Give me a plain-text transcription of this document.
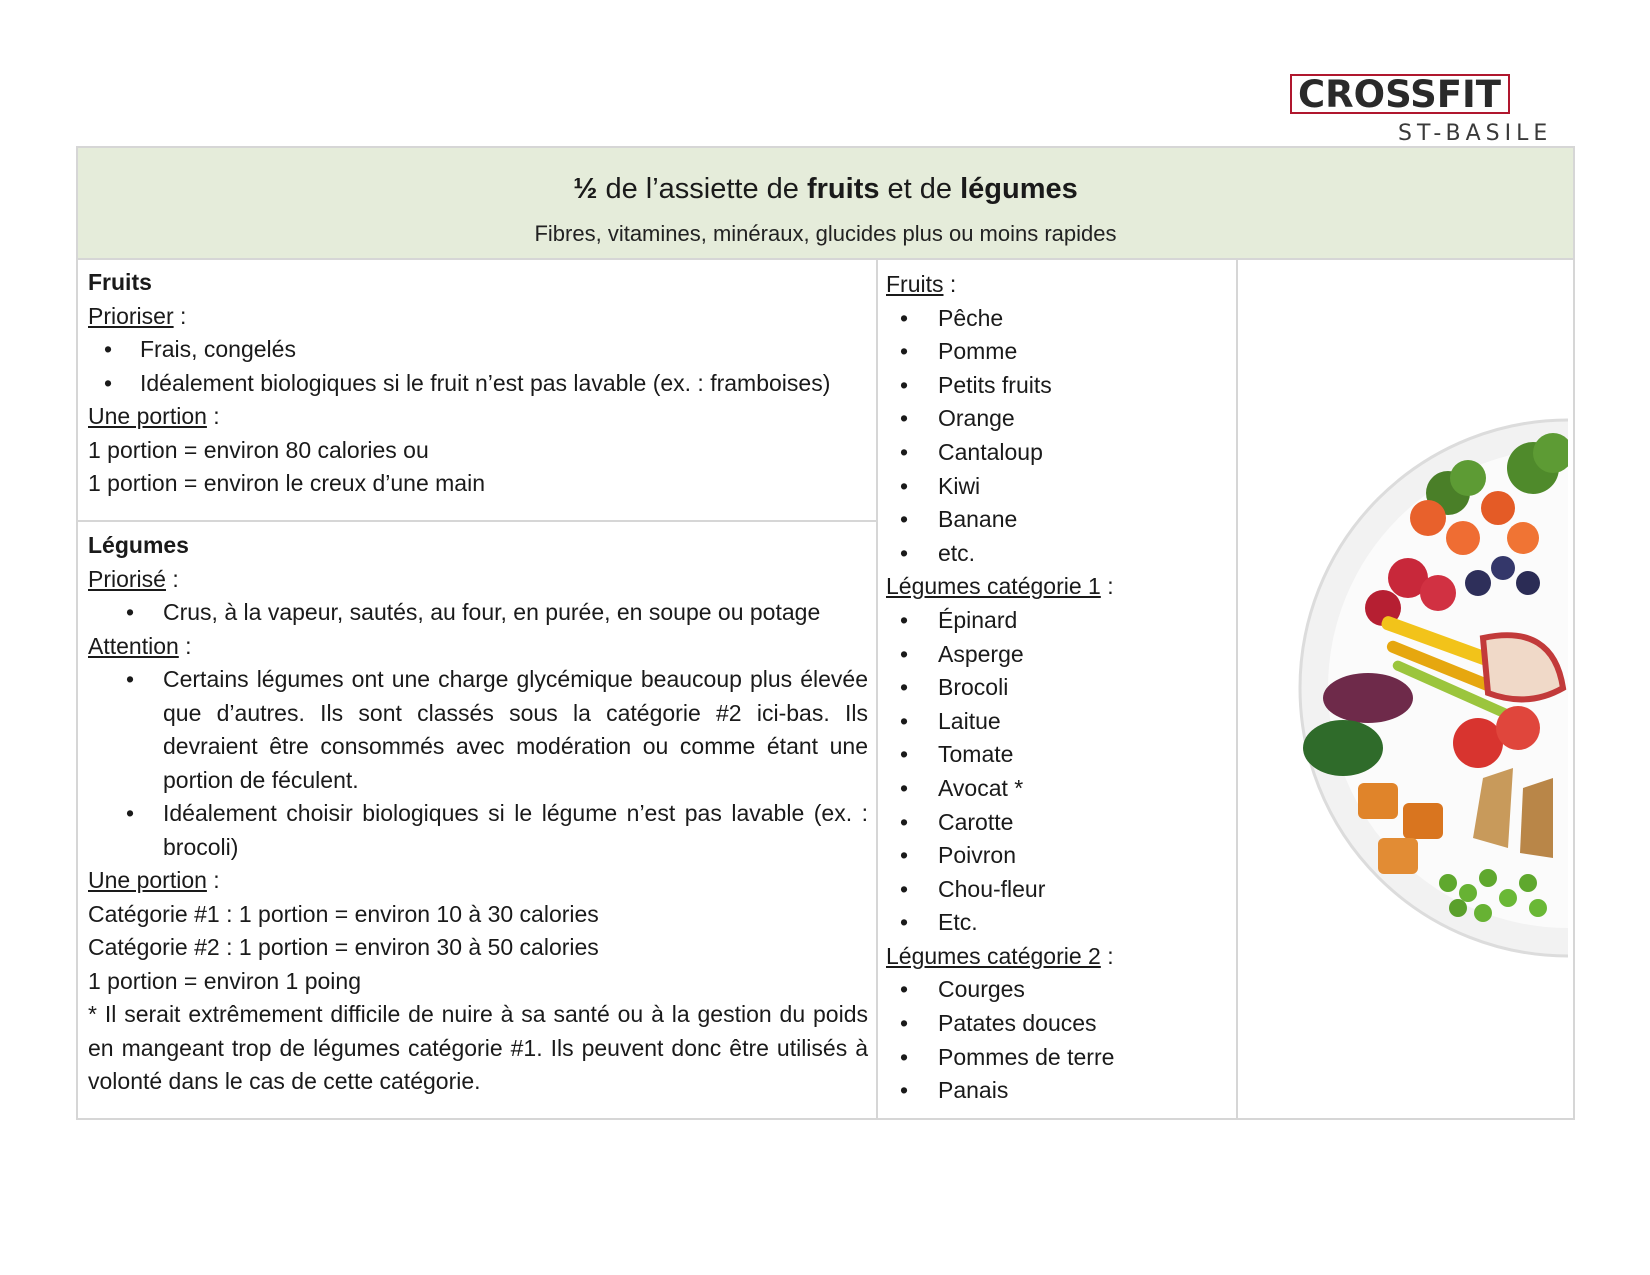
CROSSFIT
ST-BASILE
½ de l’assiette de fruits et de légumes
Fibres, vitamines, minéraux, glucides plus ou moins rapides

Fruits

Prioriser :

• Frais, congelés
• Idéalement biologiques si le fruit n’est pas lavable (ex. : framboises)

Une portion :

1 portion = environ 80 calories ou

1 portion = environ le creux d’une main

Légumes

Priorisé :

• Crus, à la vapeur, sautés, au four, en purée, en soupe ou potage

Attention :

• Certains légumes ont une charge glycémique beaucoup plus élevée que d’autres. Ils sont classés sous la catégorie #2 ici-bas. Ils devraient être consommés avec modération ou comme étant une portion de féculent.
• Idéalement choisir biologiques si le légume n’est pas lavable (ex. : brocoli)

Une portion :

Catégorie #1 : 1 portion = environ 10 à 30 calories

Catégorie #2 : 1 portion = environ 30 à 50 calories

1 portion = environ 1 poing

* Il serait extrêmement difficile de nuire à sa santé ou à la gestion du poids en mangeant trop de légumes catégorie #1. Ils peuvent donc être utilisés à volonté dans le cas de cette catégorie.

Fruits :

• Pêche
• Pomme
• Petits fruits
• Orange
• Cantaloup
• Kiwi
• Banane
• etc.

Légumes catégorie 1 :

• Épinard
• Asperge
• Brocoli
• Laitue
• Tomate
• Avocat *
• Carotte
• Poivron
• Chou-fleur
• Etc.

Légumes catégorie 2 :

• Courges
• Patates douces
• Pommes de terre
• Panais
